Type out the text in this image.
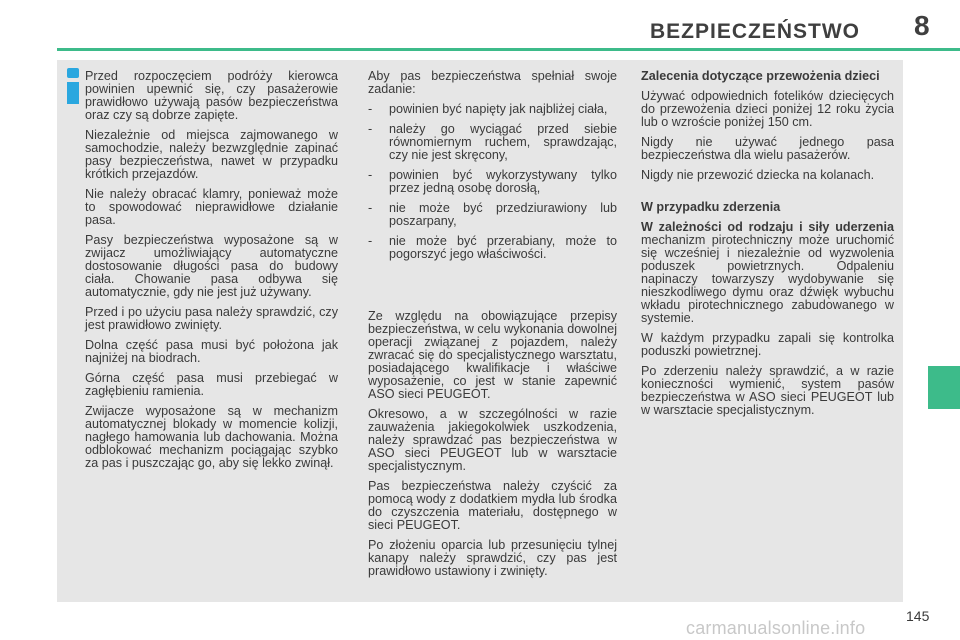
BEZPIECZEŃSTWO 8

Przed rozpoczęciem podróży kierowca powinien upewnić się, czy pasażerowie prawidłowo używają pasów bezpieczeństwa oraz czy są dobrze zapięte.

Niezależnie od miejsca zajmowanego w samochodzie, należy bezwzględnie zapinać pasy bezpieczeństwa, nawet w przypadku krótkich przejazdów.

Nie należy obracać klamry, ponieważ może to spowodować nieprawidłowe działanie pasa.

Pasy bezpieczeństwa wyposażone są w zwijacz umożliwiający automatyczne dostosowanie długości pasa do budowy ciała. Chowanie pasa odbywa się automatycznie, gdy nie jest już używany.

Przed i po użyciu pasa należy sprawdzić, czy jest prawidłowo zwinięty.

Dolna część pasa musi być położona jak najniżej na biodrach.

Górna część pasa musi przebiegać w zagłębieniu ramienia.

Zwijacze wyposażone są w mechanizm automatycznej blokady w momencie kolizji, nagłego hamowania lub dachowania. Można odblokować mechanizm pociągając szybko za pas i puszczając go, aby się lekko zwinął.

Aby pas bezpieczeństwa spełniał swoje zadanie:

- powinien być napięty jak najbliżej ciała,
- należy go wyciągać przed siebie równomiernym ruchem, sprawdzając, czy nie jest skręcony,
- powinien być wykorzystywany tylko przez jedną osobę dorosłą,
- nie może być przedziurawiony lub poszarpany,
- nie może być przerabiany, może to pogorszyć jego właściwości.

Ze względu na obowiązujące przepisy bezpieczeństwa, w celu wykonania dowolnej operacji związanej z pojazdem, należy zwracać się do specjalistycznego warsztatu, posiadającego kwalifikacje i właściwe wyposażenie, co jest w stanie zapewnić ASO sieci PEUGEOT.

Okresowo, a w szczególności w razie zauważenia jakiegokolwiek uszkodzenia, należy sprawdzać pas bezpieczeństwa w ASO sieci PEUGEOT lub w warsztacie specjalistycznym.

Pas bezpieczeństwa należy czyścić za pomocą wody z dodatkiem mydła lub środka do czyszczenia materiału, dostępnego w sieci PEUGEOT.

Po złożeniu oparcia lub przesunięciu tylnej kanapy należy sprawdzić, czy pas jest prawidłowo ustawiony i zwinięty.

Zalecenia dotyczące przewożenia dzieci

Używać odpowiednich fotelików dziecięcych do przewożenia dzieci poniżej 12 roku życia lub o wzroście poniżej 150 cm.

Nigdy nie używać jednego pasa bezpieczeństwa dla wielu pasażerów.

Nigdy nie przewozić dziecka na kolanach.

W przypadku zderzenia

W zależności od rodzaju i siły uderzenia mechanizm pirotechniczny może uruchomić się wcześniej i niezależnie od wyzwolenia poduszek powietrznych. Odpaleniu napinaczy towarzyszy wydobywanie się nieszkodliwego dymu oraz dźwięk wybuchu wkładu pirotechnicznego zabudowanego w systemie.

W każdym przypadku zapali się kontrolka poduszki powietrznej.

Po zderzeniu należy sprawdzić, a w razie konieczności wymienić, system pasów bezpieczeństwa w ASO sieci PEUGEOT lub w warsztacie specjalistycznym.

145
carmanualsonline.info
